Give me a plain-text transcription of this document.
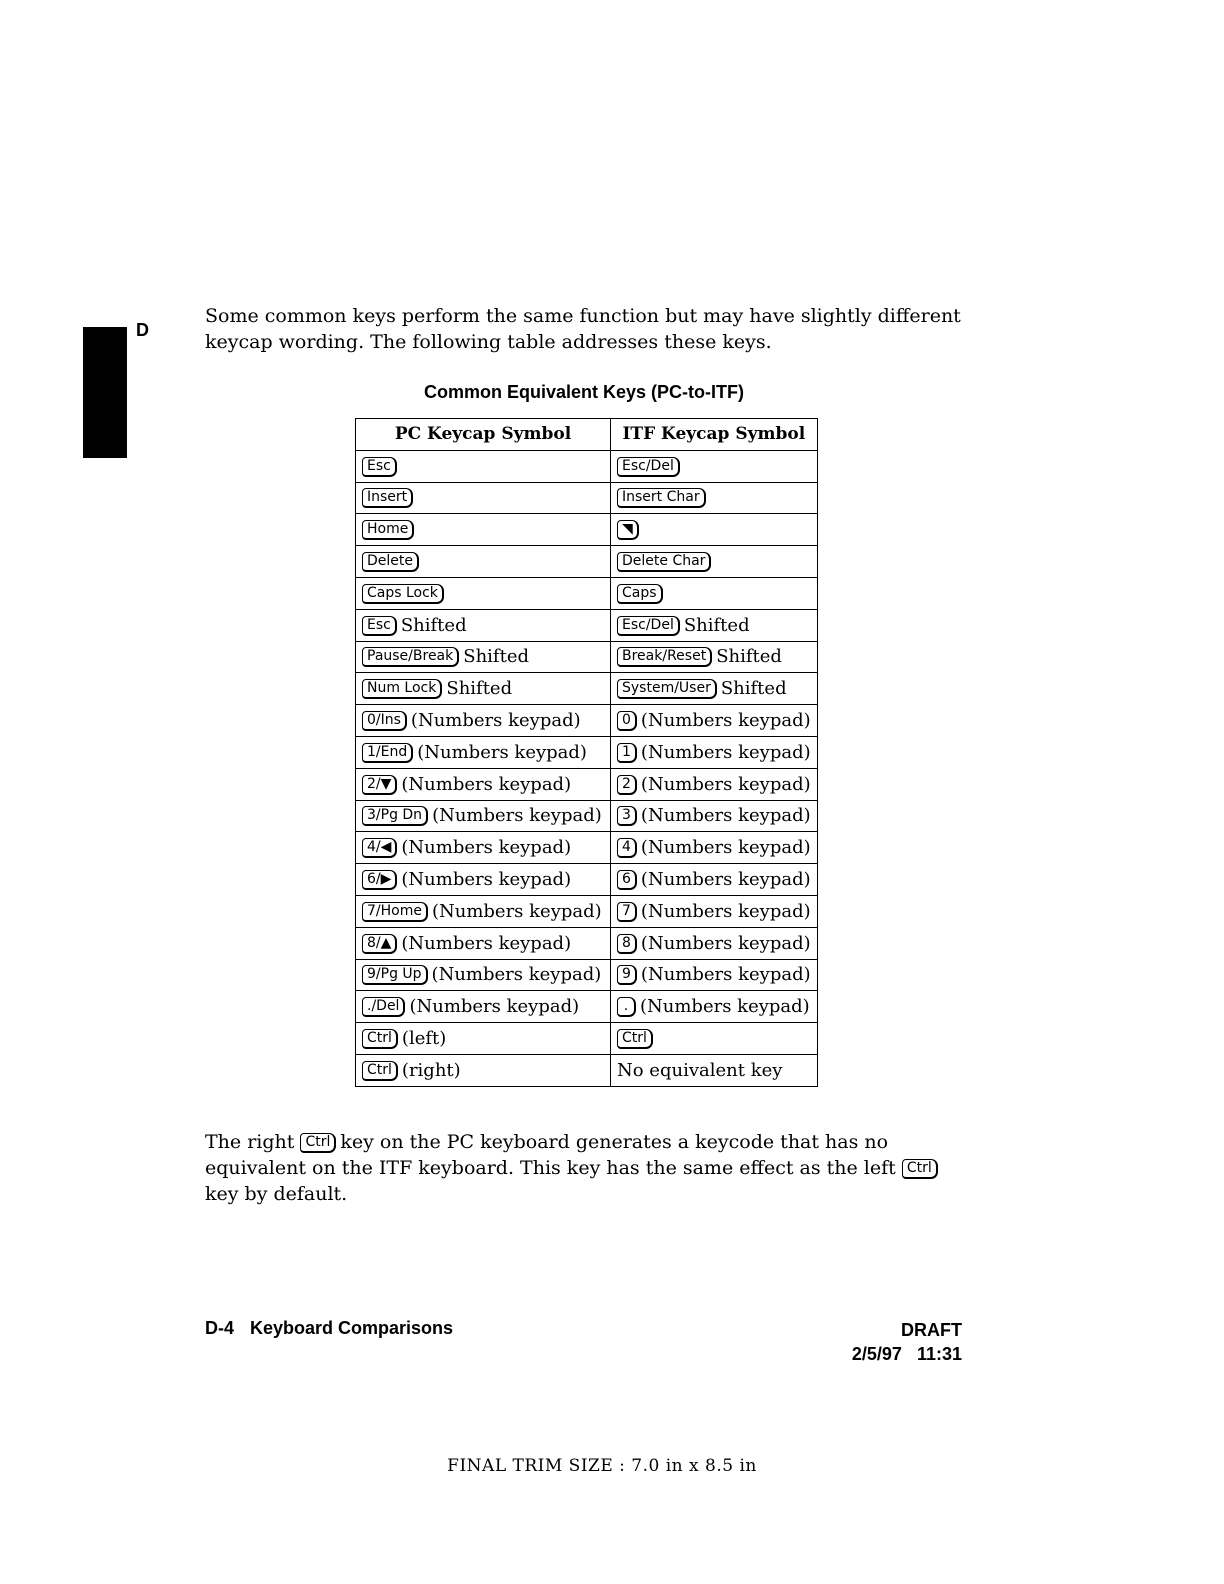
D

Some common keys perform the same function but may have slightly different

keycap wording. The following table addresses these keys.

Common Equivalent Keys (PC-to-ITF)
PC Keycap Symbol	ITF Keycap Symbol
Esc	Esc/Del
Insert	Insert Char
Home	◥
Delete	Delete Char
Caps Lock	Caps
Esc Shifted	Esc/Del Shifted
Pause/Break Shifted	Break/Reset Shifted
Num Lock Shifted	System/User Shifted
0/Ins (Numbers keypad)	0 (Numbers keypad)
1/End (Numbers keypad)	1 (Numbers keypad)
2/▼ (Numbers keypad)	2 (Numbers keypad)
3/Pg Dn (Numbers keypad)	3 (Numbers keypad)
4/◀ (Numbers keypad)	4 (Numbers keypad)
6/▶ (Numbers keypad)	6 (Numbers keypad)
7/Home (Numbers keypad)	7 (Numbers keypad)
8/▲ (Numbers keypad)	8 (Numbers keypad)
9/Pg Up (Numbers keypad)	9 (Numbers keypad)
./Del (Numbers keypad)	. (Numbers keypad)
Ctrl (left)	Ctrl
Ctrl (right)	No equivalent key

The right Ctrl key on the PC keyboard generates a keycode that has no

equivalent on the ITF keyboard. This key has the same effect as the left Ctrl

key by default.

D-4 Keyboard Comparisons	DRAFT
2/5/97 11:31
FINAL TRIM SIZE : 7.0 in x 8.5 in
